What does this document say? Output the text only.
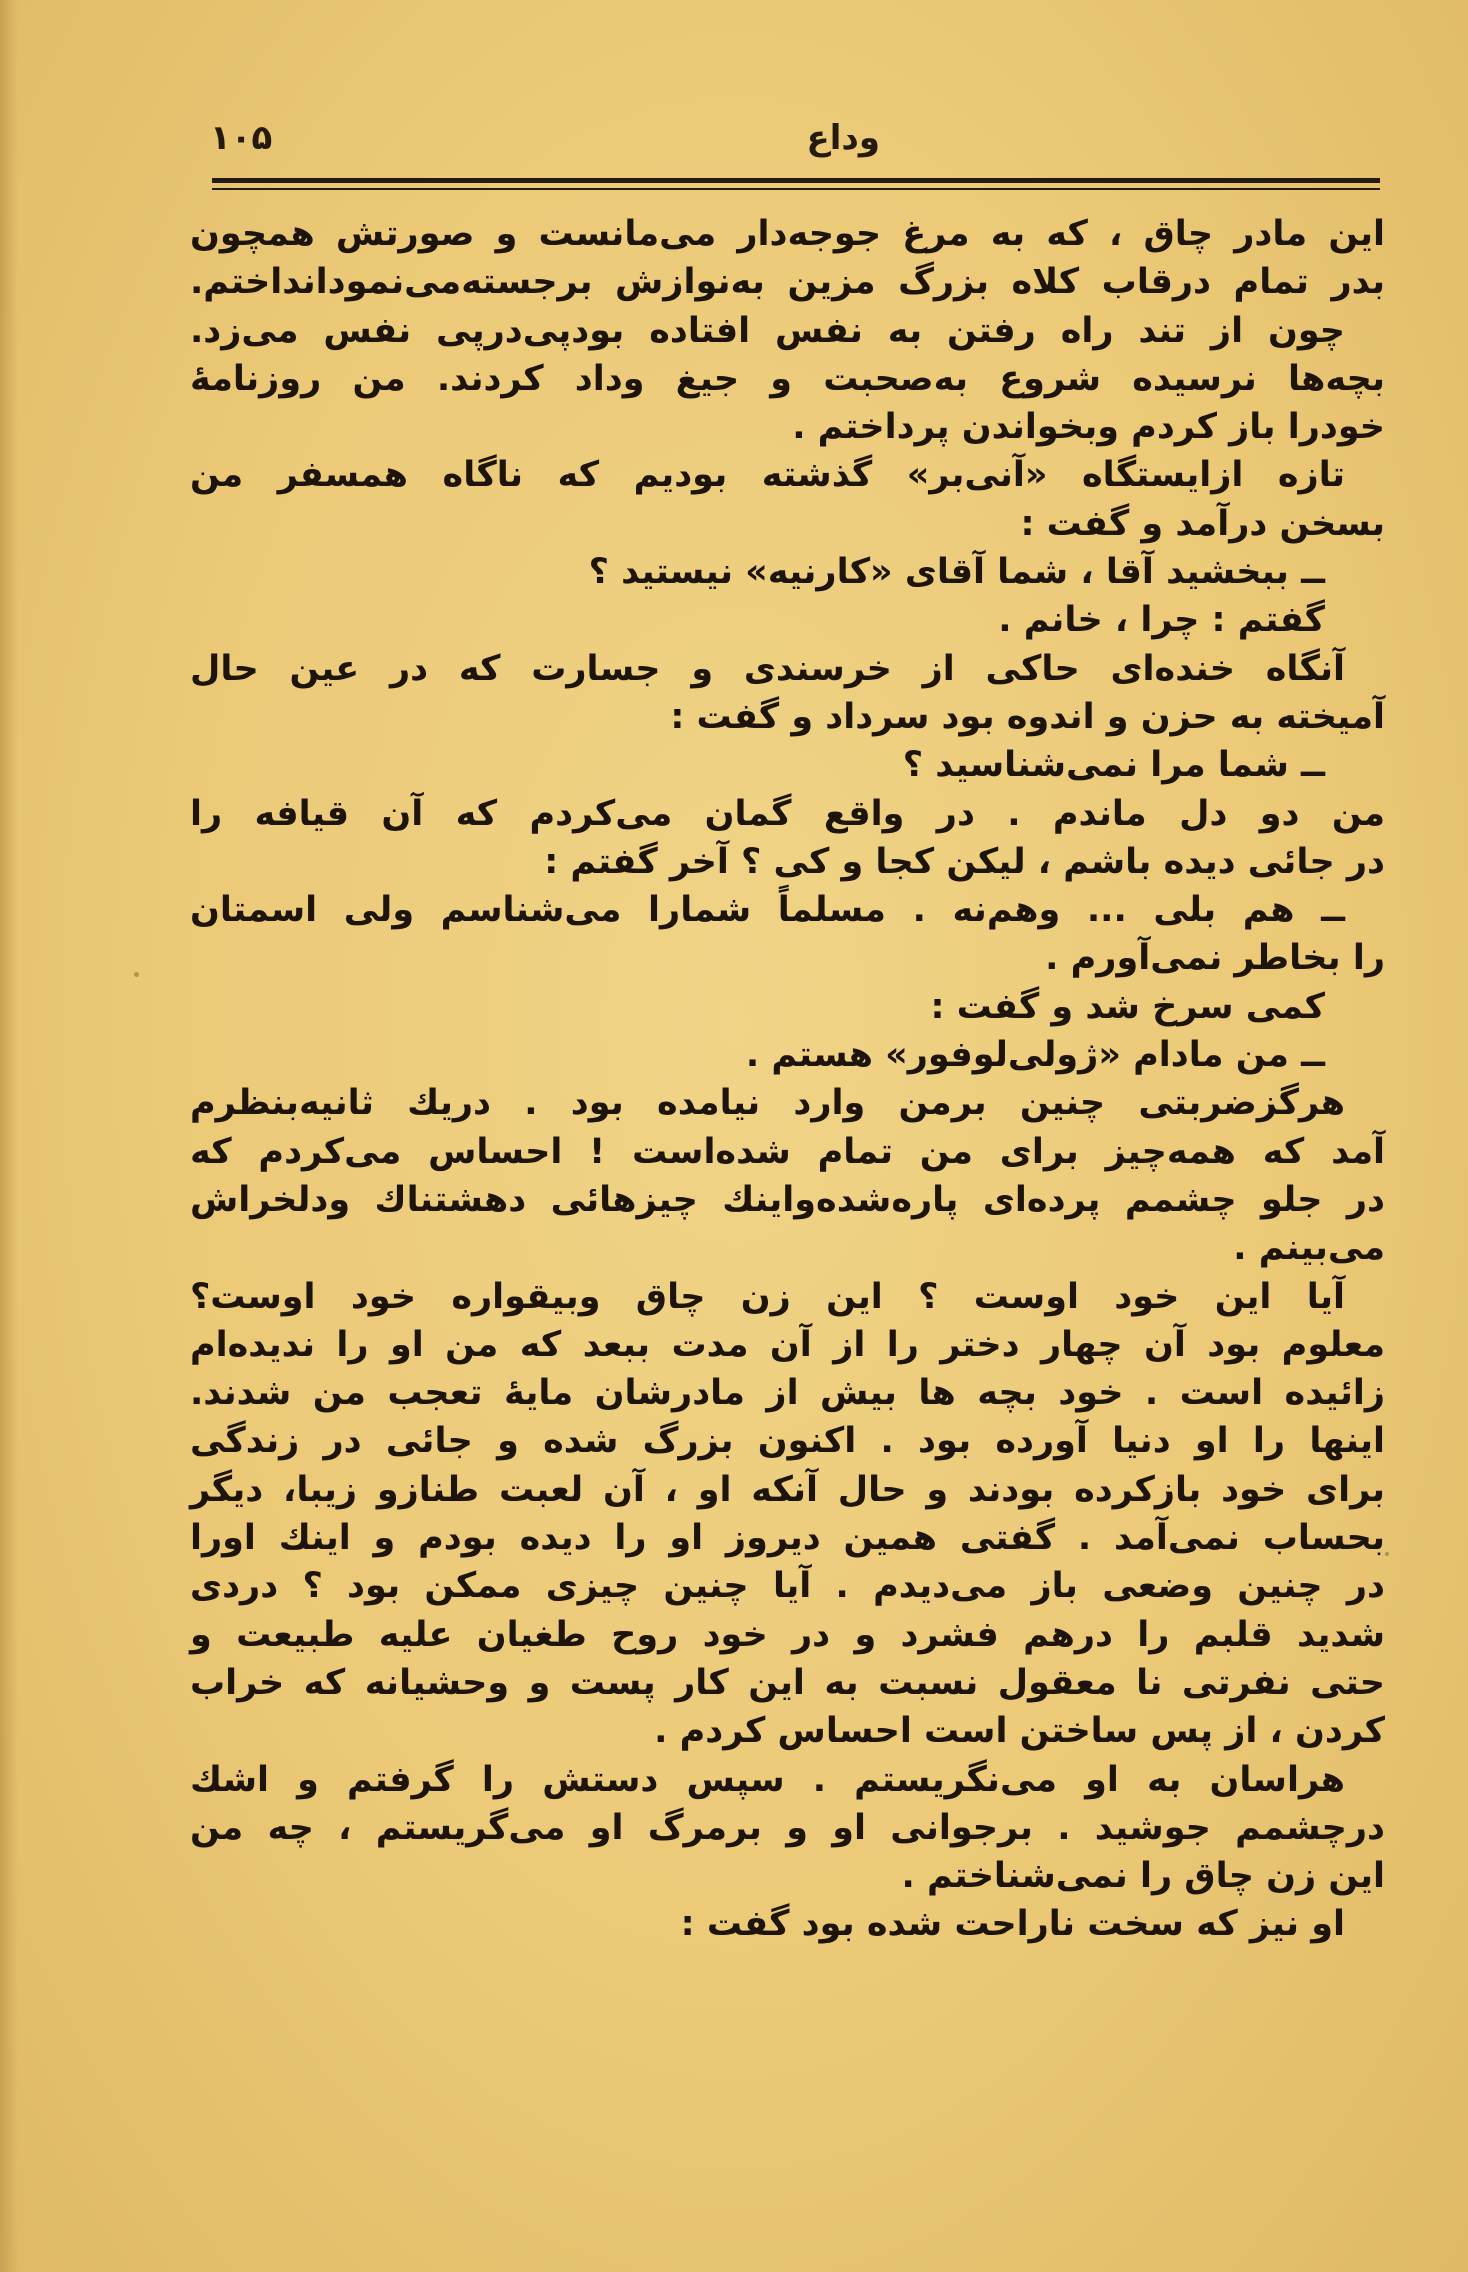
وداع
۱۰۵
این مادر چاق ، که به مرغ جوجه‌دار می‌مانست و صورتش همچون
بدر تمام درقاب کلاه بزرگ مزین به‌نوازش برجسته‌می‌نمودانداختم.
چون از تند راه رفتن به نفس افتاده بودپی‌درپی نفس می‌زد.
بچه‌ها نرسیده شروع به‌صحبت و جیغ وداد کردند. من روزنامهٔ
خودرا باز کردم وبخواندن پرداختم .
تازه ازایستگاه «آنی‌بر» گذشته بودیم که ناگاه همسفر من
بسخن درآمد و گفت :
ــ ببخشید آقا ، شما آقای «کارنیه» نیستید ؟
گفتم : چرا ، خانم .
آنگاه خنده‌ای حاکی از خرسندی و جسارت که در عین حال
آمیخته به حزن و اندوه بود سرداد و گفت :
ــ شما مرا نمی‌شناسید ؟
من دو دل ماندم . در واقع گمان می‌کردم که آن قیافه را
در جائی دیده باشم ، لیکن کجا و کی ؟ آخر گفتم :
ــ هم بلی ... وهم‌نه . مسلماً شمارا می‌شناسم ولی اسمتان
را بخاطر نمی‌آورم .
کمی سرخ شد و گفت :
ــ من مادام «ژولی‌لوفور» هستم .
هرگزضربتی چنین برمن وارد نیامده بود . دریك ثانیه‌بنظرم
آمد که همه‌چیز برای من تمام شده‌است ! احساس می‌کردم که
در جلو چشمم پرده‌ای پاره‌شده‌واینك چیزهائی دهشتناك ودلخراش
می‌بینم .
آیا این خود اوست ؟ این زن چاق وبیقواره خود اوست؟
معلوم بود آن چهار دختر را از آن مدت ببعد که من او را ندیده‌ام
زائیده است . خود بچه ها بیش از مادرشان مایهٔ تعجب من شدند.
اینها را او دنیا آورده بود . اکنون بزرگ شده و جائی در زندگی
برای خود بازکرده بودند و حال آنکه او ، آن لعبت طنازو زیبا، دیگر
بحساب نمی‌آمد . گفتی همین دیروز او را دیده بودم و اینك اورا
در چنین وضعی باز می‌دیدم . آیا چنین چیزی ممکن بود ؟ دردی
شدید قلبم را درهم فشرد و در خود روح طغیان علیه طبیعت و
حتی نفرتی نا معقول نسبت به این کار پست و وحشیانه که خراب
کردن ، از پس ساختن است احساس کردم .
هراسان به او می‌نگریستم . سپس دستش را گرفتم و اشك
درچشمم جوشید . برجوانی او و برمرگ او می‌گریستم ، چه من
این زن چاق را نمی‌شناختم .
او نیز که سخت ناراحت شده بود گفت :
